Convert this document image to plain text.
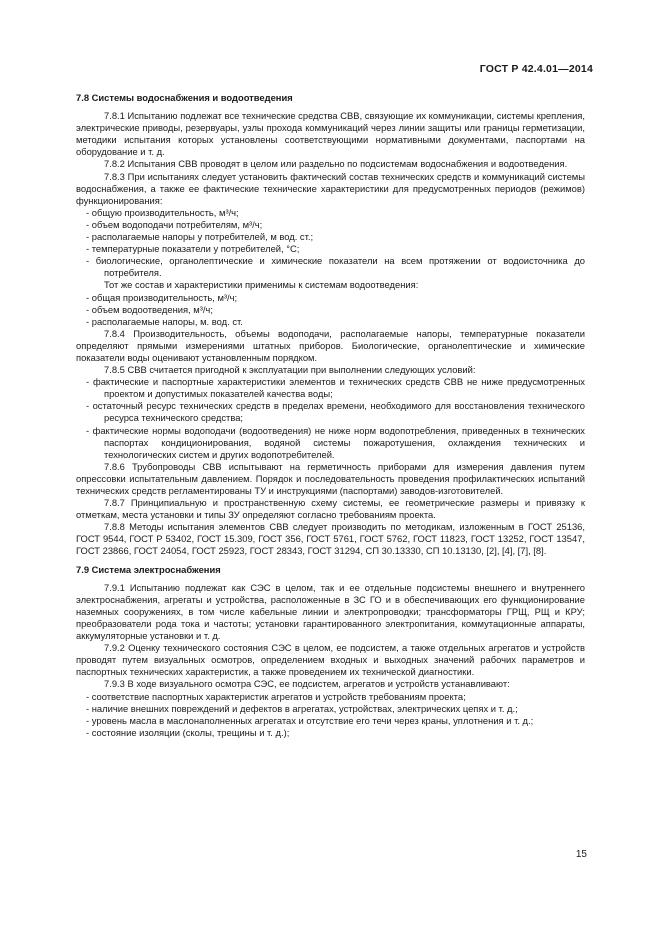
ГОСТ Р 42.4.01—2014
7.8 Системы водоснабжения и водоотведения

7.8.1 Испытанию подлежат все технические средства СВВ, связующие их коммуникации, системы крепления, электрические приводы, резервуары, узлы прохода коммуникаций через линии защиты или границы герметизации, методики испытания которых установлены соответствующими нормативными документами, паспортами на оборудование и т. д.

7.8.2 Испытания СВВ проводят в целом или раздельно по подсистемам водоснабжения и водоотведения.

7.8.3 При испытаниях следует установить фактический состав технических средств и коммуникаций системы водоснабжения, а также ее фактические технические характеристики для предусмотренных периодов (режимов) функционирования:

- общую производительность, м³/ч;

- объем водоподачи потребителям, м³/ч;

- располагаемые напоры у потребителей, м вод. ст.;

- температурные показатели у потребителей, °С;

- биологические, органолептические и химические показатели на всем протяжении от водоисточника до потребителя.

Тот же состав и характеристики применимы к системам водоотведения:

- общая производительность, м³/ч;

- объем водоотведения, м³/ч;

- располагаемые напоры, м. вод. ст.

7.8.4 Производительность, объемы водоподачи, располагаемые напоры, температурные показатели определяют прямыми измерениями штатных приборов. Биологические, органолептические и химические показатели воды оценивают установленным порядком.

7.8.5 СВВ считается пригодной к эксплуатации при выполнении следующих условий:

- фактические и паспортные характеристики элементов и технических средств СВВ не ниже предусмотренных проектом и допустимых показателей качества воды;

- остаточный ресурс технических средств в пределах времени, необходимого для восстановления технического ресурса технического средства;

- фактические нормы водоподачи (водоотведения) не ниже норм водопотребления, приведенных в технических паспортах кондиционирования, водяной системы пожаротушения, охлаждения технических и технологических систем и других водопотребителей.

7.8.6 Трубопроводы СВВ испытывают на герметичность приборами для измерения давления путем опрессовки испытательным давлением. Порядок и последовательность проведения профилактических испытаний технических средств регламентированы ТУ и инструкциями (паспортами) заводов-изготовителей.

7.8.7 Принципиальную и пространственную схему системы, ее геометрические размеры и привязку к отметкам, места установки и типы ЗУ определяют согласно требованиям проекта.

7.8.8 Методы испытания элементов СВВ следует производить по методикам, изложенным в ГОСТ 25136, ГОСТ 9544, ГОСТ Р 53402, ГОСТ 15.309, ГОСТ 356, ГОСТ 5761, ГОСТ 5762, ГОСТ 11823, ГОСТ 13252, ГОСТ 13547, ГОСТ 23866, ГОСТ 24054, ГОСТ 25923, ГОСТ 28343, ГОСТ 31294, СП 30.13330, СП 10.13130, [2], [4], [7], [8].

7.9 Система электроснабжения

7.9.1 Испытанию подлежат как СЭС в целом, так и ее отдельные подсистемы внешнего и внутреннего электроснабжения, агрегаты и устройства, расположенные в ЗС ГО и в обеспечивающих его функционирование наземных сооружениях, в том числе кабельные линии и электропроводки; трансформаторы ГРЩ, РЩ и КРУ; преобразователи рода тока и частоты; установки гарантированного электропитания, коммутационные аппараты, аккумуляторные установки и т. д.

7.9.2 Оценку технического состояния СЭС в целом, ее подсистем, а также отдельных агрегатов и устройств проводят путем визуальных осмотров, определением входных и выходных значений рабочих параметров и паспортных технических характеристик, а также проведением их технической диагностики.

7.9.3 В ходе визуального осмотра СЭС, ее подсистем, агрегатов и устройств устанавливают:

- соответствие паспортных характеристик агрегатов и устройств требованиям проекта;

- наличие внешних повреждений и дефектов в агрегатах, устройствах, электрических цепях и т. д.;

- уровень масла в маслонаполненных агрегатах и отсутствие его течи через краны, уплотнения и т. д.;

- состояние изоляции (сколы, трещины и т. д.);

15
